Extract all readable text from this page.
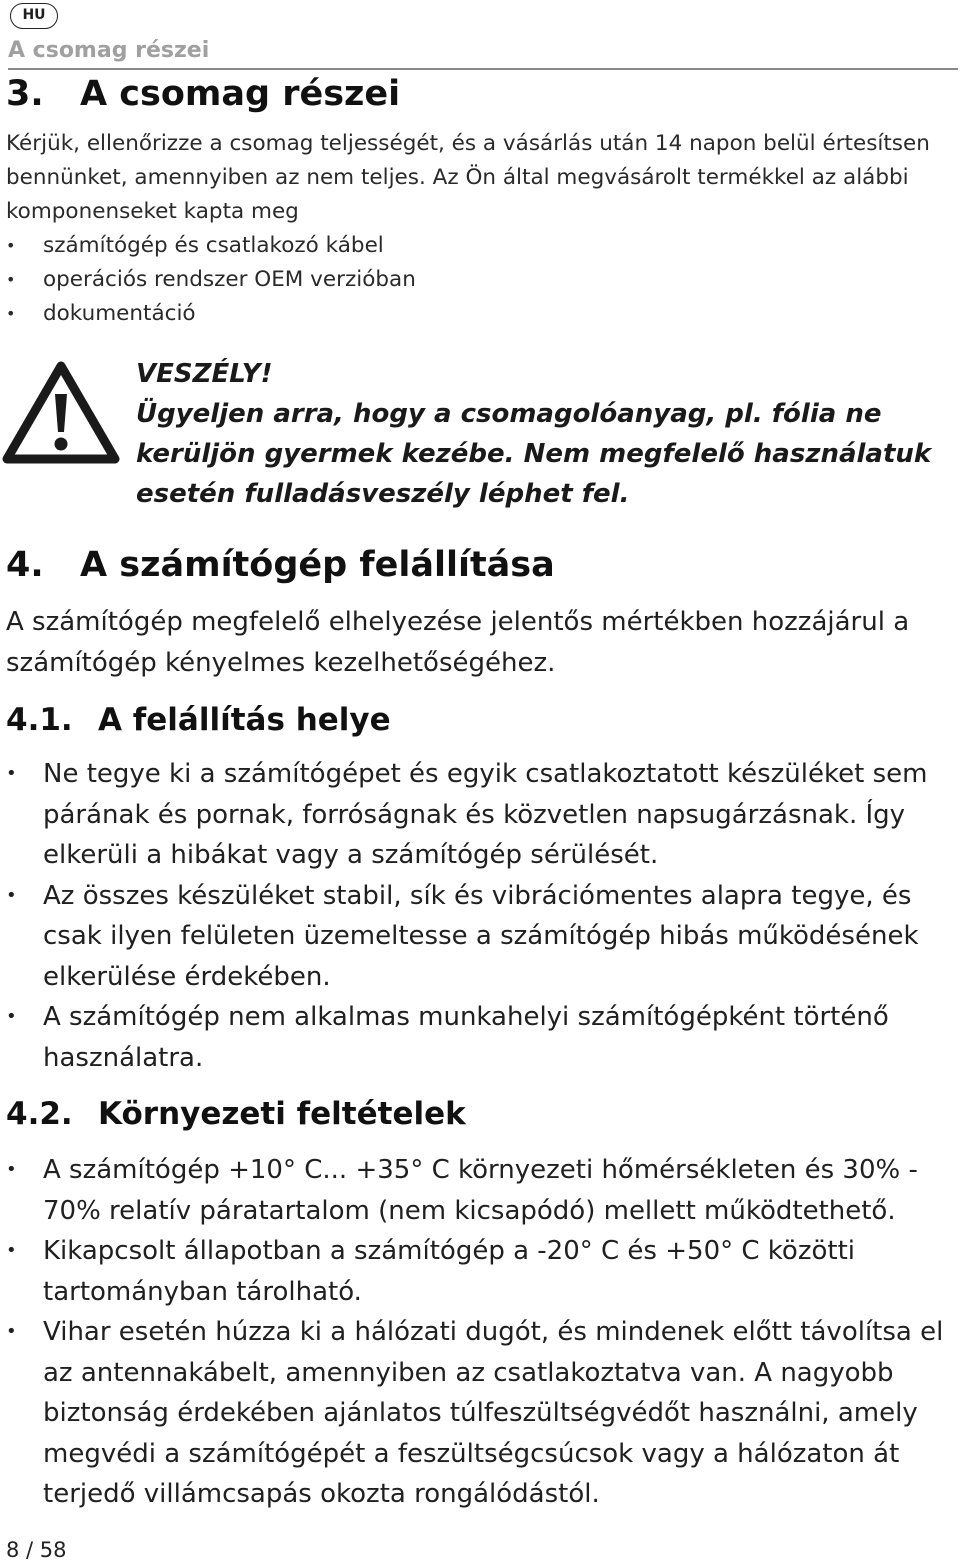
HU
A csomag részei
3. A csomag részei
Kérjük, ellenőrizze a csomag teljességét, és a vásárlás után 14 napon belül értesítsen bennünket, amennyiben az nem teljes. Az Ön által megvásárolt termékkel az alábbi komponenseket kapta meg
• számítógép és csatlakozó kábel
• operációs rendszer OEM verzióban
• dokumentáció
VESZÉLY!
Ügyeljen arra, hogy a csomagolóanyag, pl. fólia ne kerüljön gyermek kezébe. Nem megfelelő használatuk esetén fulladásveszély léphet fel.
4. A számítógép felállítása
A számítógép megfelelő elhelyezése jelentős mértékben hozzájárul a számítógép kényelmes kezelhetőségéhez.
4.1. A felállítás helye
• Ne tegye ki a számítógépet és egyik csatlakoztatott készüléket sem párának és pornak, forróságnak és közvetlen napsugárzásnak. Így elkerüli a hibákat vagy a számítógép sérülését.
• Az összes készüléket stabil, sík és vibrációmentes alapra tegye, és csak ilyen felületen üzemeltesse a számítógép hibás működésének elkerülése érdekében.
• A számítógép nem alkalmas munkahelyi számítógépként történő használatra.
4.2. Környezeti feltételek
• A számítógép +10° C... +35° C környezeti hőmérsékleten és 30% - 70% relatív páratartalom (nem kicsapódó) mellett működtethető.
• Kikapcsolt állapotban a számítógép a -20° C és +50° C közötti tartományban tárolható.
• Vihar esetén húzza ki a hálózati dugót, és mindenek előtt távolítsa el az antennakábelt, amennyiben az csatlakoztatva van. A nagyobb biztonság érdekében ajánlatos túlfeszültségvédőt használni, amely megvédi a számítógépét a feszültségcsúcsok vagy a hálózaton át terjedő villámcsapás okozta rongálódástól.
8 / 58
